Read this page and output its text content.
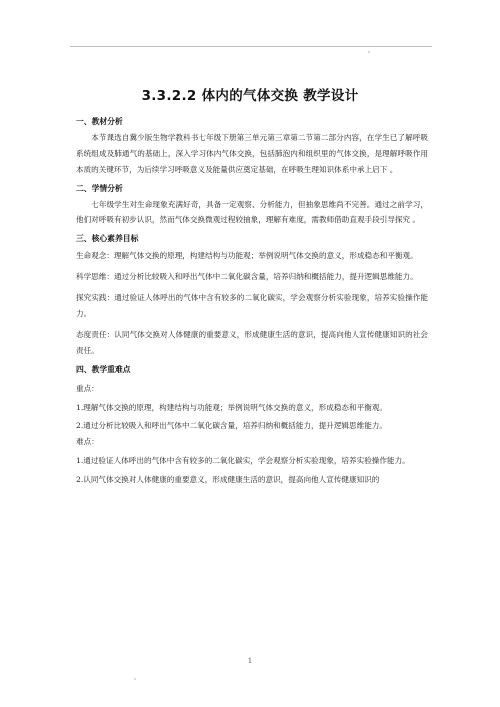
3.3.2.2 体内的气体交换 教学设计
一、教材分析

本节课选自冀少版生物学教科书七年级下册第三单元第三章第二节第二部分内容，在学生已了解呼吸系统组成及肺通气的基础上，深入学习体内气体交换，包括肺泡内和组织里的气体交换，是理解呼吸作用本质的关键环节，为后续学习呼吸意义及能量供应奠定基础，在呼吸生理知识体系中承上启下 。

二、学情分析

七年级学生对生命现象充满好奇，具备一定观察、分析能力，但抽象思维尚不完善。通过之前学习，他们对呼吸有初步认识，然而气体交换微观过程较抽象，理解有难度，需教师借助直观手段引导探究 。

三、核心素养目标

生命观念：理解气体交换的原理，构建结构与功能观；举例说明气体交换的意义，形成稳态和平衡观。

科学思维：通过分析比较吸入和呼出气体中二氧化碳含量，培养归纳和概括能力，提升逻辑思维能力。

探究实践：通过验证人体呼出的气体中含有较多的二氧化碳实，学会观察分析实验现象，培养实验操作能力。

态度责任：认同气体交换对人体健康的重要意义，形成健康生活的意识，提高向他人宣传健康知识的社会责任。

四、教学重难点

重点：

1.理解气体交换的原理，构建结构与功能观；举例说明气体交换的意义，形成稳态和平衡观。

2.通过分析比较吸入和呼出气体中二氧化碳含量，培养归纳和概括能力，提升逻辑思维能力。

难点：

1.通过验证人体呼出的气体中含有较多的二氧化碳实，学会观察分析实验现象，培养实验操作能力。

2.认同气体交换对人体健康的重要意义，形成健康生活的意识，提高向他人宣传健康知识的

1
